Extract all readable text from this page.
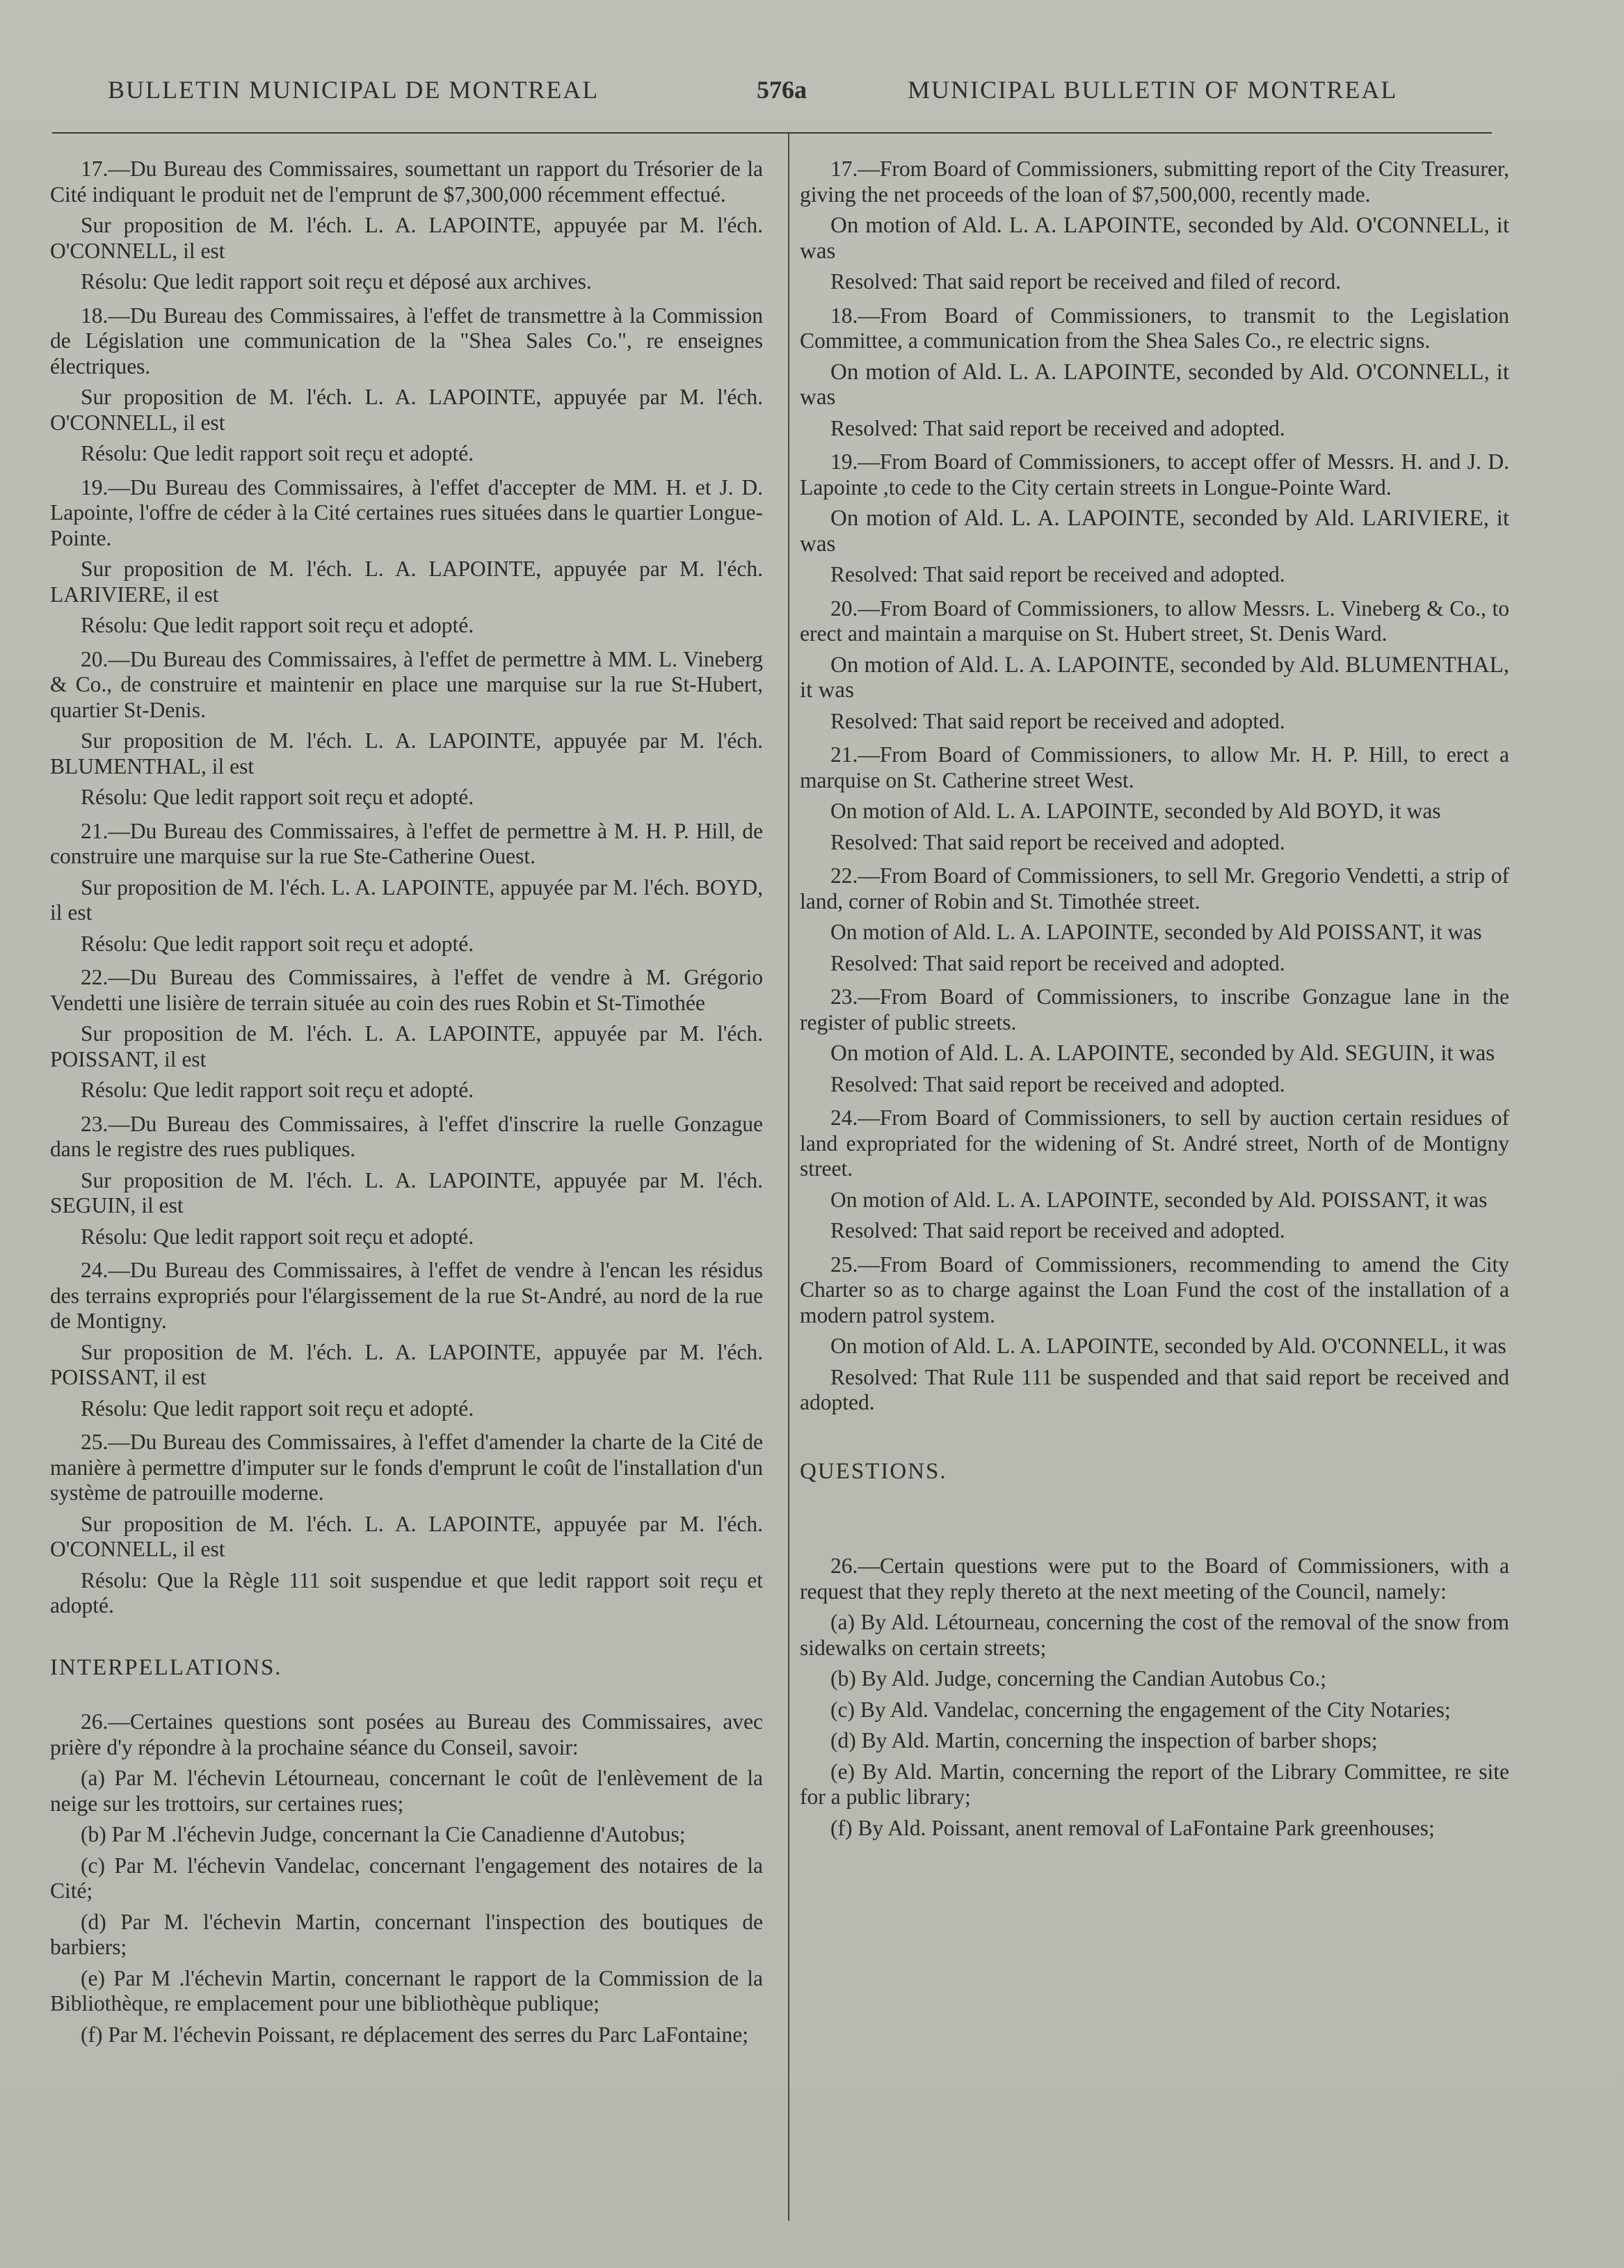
BULLETIN MUNICIPAL DE MONTREAL	576a	MUNICIPAL BULLETIN OF MONTREAL

17.—Du Bureau des Commissaires, soumettant un rapport du Trésorier de la Cité indiquant le produit net de l'emprunt de $7,300,000 récemment effectué.

Sur proposition de M. l'éch. L. A. LAPOINTE, appuyée par M. l'éch. O'CONNELL, il est

Résolu: Que ledit rapport soit reçu et déposé aux archives.

18.—Du Bureau des Commissaires, à l'effet de transmettre à la Commission de Législation une communication de la "Shea Sales Co.", re enseignes électriques.

Sur proposition de M. l'éch. L. A. LAPOINTE, appuyée par M. l'éch. O'CONNELL, il est

Résolu: Que ledit rapport soit reçu et adopté.

19.—Du Bureau des Commissaires, à l'effet d'accepter de MM. H. et J. D. Lapointe, l'offre de céder à la Cité certaines rues situées dans le quartier Longue-Pointe.

Sur proposition de M. l'éch. L. A. LAPOINTE, appuyée par M. l'éch. LARIVIERE, il est

Résolu: Que ledit rapport soit reçu et adopté.

20.—Du Bureau des Commissaires, à l'effet de permettre à MM. L. Vineberg & Co., de construire et maintenir en place une marquise sur la rue St-Hubert, quartier St-Denis.

Sur proposition de M. l'éch. L. A. LAPOINTE, appuyée par M. l'éch. BLUMENTHAL, il est

Résolu: Que ledit rapport soit reçu et adopté.

21.—Du Bureau des Commissaires, à l'effet de permettre à M. H. P. Hill, de construire une marquise sur la rue Ste-Catherine Ouest.

Sur proposition de M. l'éch. L. A. LAPOINTE, appuyée par M. l'éch. BOYD, il est

Résolu: Que ledit rapport soit reçu et adopté.

22.—Du Bureau des Commissaires, à l'effet de vendre à M. Grégorio Vendetti une lisière de terrain située au coin des rues Robin et St-Timothée

Sur proposition de M. l'éch. L. A. LAPOINTE, appuyée par M. l'éch. POISSANT, il est

Résolu: Que ledit rapport soit reçu et adopté.

23.—Du Bureau des Commissaires, à l'effet d'inscrire la ruelle Gonzague dans le registre des rues publiques.

Sur proposition de M. l'éch. L. A. LAPOINTE, appuyée par M. l'éch. SEGUIN, il est

Résolu: Que ledit rapport soit reçu et adopté.

24.—Du Bureau des Commissaires, à l'effet de vendre à l'encan les résidus des terrains expropriés pour l'élargissement de la rue St-André, au nord de la rue de Montigny.

Sur proposition de M. l'éch. L. A. LAPOINTE, appuyée par M. l'éch. POISSANT, il est

Résolu: Que ledit rapport soit reçu et adopté.

25.—Du Bureau des Commissaires, à l'effet d'amender la charte de la Cité de manière à permettre d'imputer sur le fonds d'emprunt le coût de l'installation d'un système de patrouille moderne.

Sur proposition de M. l'éch. L. A. LAPOINTE, appuyée par M. l'éch. O'CONNELL, il est

Résolu: Que la Règle 111 soit suspendue et que ledit rapport soit reçu et adopté.

INTERPELLATIONS.

26.—Certaines questions sont posées au Bureau des Commissaires, avec prière d'y répondre à la prochaine séance du Conseil, savoir:

(a) Par M. l'échevin Létourneau, concernant le coût de l'enlèvement de la neige sur les trottoirs, sur certaines rues;

(b) Par M .l'échevin Judge, concernant la Cie Canadienne d'Autobus;

(c) Par M. l'échevin Vandelac, concernant l'engagement des notaires de la Cité;

(d) Par M. l'échevin Martin, concernant l'inspection des boutiques de barbiers;

(e) Par M .l'échevin Martin, concernant le rapport de la Commission de la Bibliothèque, re emplacement pour une bibliothèque publique;

(f) Par M. l'échevin Poissant, re déplacement des serres du Parc LaFontaine;

17.—From Board of Commissioners, submitting report of the City Treasurer, giving the net proceeds of the loan of $7,500,000, recently made.

On motion of Ald. L. A. LAPOINTE, seconded by Ald. O'CONNELL, it was

Resolved: That said report be received and filed of record.

18.—From Board of Commissioners, to transmit to the Legislation Committee, a communication from the Shea Sales Co., re electric signs.

On motion of Ald. L. A. LAPOINTE, seconded by Ald. O'CONNELL, it was

Resolved: That said report be received and adopted.

19.—From Board of Commissioners, to accept offer of Messrs. H. and J. D. Lapointe ,to cede to the City certain streets in Longue-Pointe Ward.

On motion of Ald. L. A. LAPOINTE, seconded by Ald. LARIVIERE, it was

Resolved: That said report be received and adopted.

20.—From Board of Commissioners, to allow Messrs. L. Vineberg & Co., to erect and maintain a marquise on St. Hubert street, St. Denis Ward.

On motion of Ald. L. A. LAPOINTE, seconded by Ald. BLUMENTHAL, it was

Resolved: That said report be received and adopted.

21.—From Board of Commissioners, to allow Mr. H. P. Hill, to erect a marquise on St. Catherine street West.

On motion of Ald. L. A. LAPOINTE, seconded by Ald BOYD, it was

Resolved: That said report be received and adopted.

22.—From Board of Commissioners, to sell Mr. Gregorio Vendetti, a strip of land, corner of Robin and St. Timothée street.

On motion of Ald. L. A. LAPOINTE, seconded by Ald POISSANT, it was

Resolved: That said report be received and adopted.

23.—From Board of Commissioners, to inscribe Gonzague lane in the register of public streets.

On motion of Ald. L. A. LAPOINTE, seconded by Ald. SEGUIN, it was

Resolved: That said report be received and adopted.

24.—From Board of Commissioners, to sell by auction certain residues of land expropriated for the widening of St. André street, North of de Montigny street.

On motion of Ald. L. A. LAPOINTE, seconded by Ald. POISSANT, it was

Resolved: That said report be received and adopted.

25.—From Board of Commissioners, recommending to amend the City Charter so as to charge against the Loan Fund the cost of the installation of a modern patrol system.

On motion of Ald. L. A. LAPOINTE, seconded by Ald. O'CONNELL, it was

Resolved: That Rule 111 be suspended and that said report be received and adopted.

QUESTIONS.

26.—Certain questions were put to the Board of Commissioners, with a request that they reply thereto at the next meeting of the Council, namely:

(a) By Ald. Létourneau, concerning the cost of the removal of the snow from sidewalks on certain streets;

(b) By Ald. Judge, concerning the Candian Autobus Co.;

(c) By Ald. Vandelac, concerning the engagement of the City Notaries;

(d) By Ald. Martin, concerning the inspection of barber shops;

(e) By Ald. Martin, concerning the report of the Library Committee, re site for a public library;

(f) By Ald. Poissant, anent removal of LaFontaine Park greenhouses;
